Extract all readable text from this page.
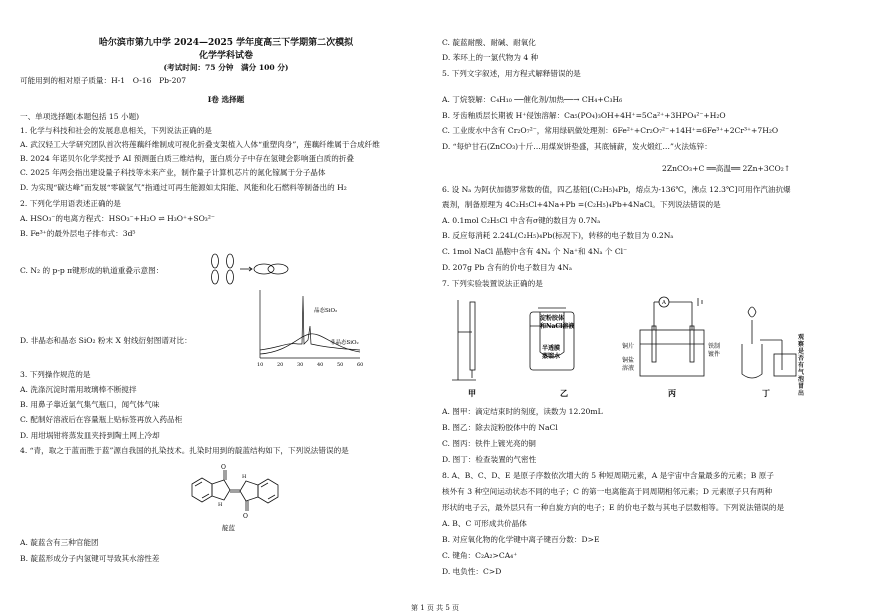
哈尔滨市第九中学 2024—2025 学年度高三下学期第二次模拟
化学学科试卷
(考试时间：75 分钟　满分 100 分)
可能用到的相对原子质量：H-1　O-16　Pb-207
I卷 选择题
一、单项选择题(本题包括 15 小题)
1. 化学与科技和社会的发展息息相关，下列说法正确的是
A. 武汉轻工大学研究团队首次将莲藕纤维制成可视化折叠支架植入人体“重塑肉身”，莲藕纤维属于合成纤维
B. 2024 年诺贝尔化学奖授予 AI 预测蛋白质三维结构，蛋白质分子中存在氢键会影响蛋白质的折叠
C. 2025 年两会指出建设量子科技等未来产业，制作量子计算机芯片的氮化镓属于分子晶体
D. 为实现“碳达峰”而发展“零碳氢气”指通过可再生能源如太阳能、风能和化石燃料等制备出的 H₂
2. 下列化学用语表述正确的是
A. HSO₃⁻的电离方程式：HSO₃⁻+H₂O ⇌ H₃O⁺+SO₃²⁻
B. Fe³⁺的最外层电子排布式：3d⁵
C. N₂ 的 p-p π键形成的轨道重叠示意图：
D. 非晶态和晶态 SiO₂ 粉末 X 射线衍射图谱对比：
晶态SiO₂
非晶态SiO₂
10	20	30	40	50	60
3. 下列操作规范的是
A. 洗涤沉淀时需用玻璃棒不断搅拌
B. 用鼻子靠近氯气集气瓶口，闻气体气味
C. 配制好溶液后在容量瓶上贴标签再放入药品柜
D. 用坩埚钳将蒸发皿夹持到陶土网上冷却
4. “青，取之于蓝而胜于蓝”源自我国的扎染技术。扎染时用到的靛蓝结构如下，下列说法错误的是
O
O
H
H
靛蓝
A. 靛蓝含有三种官能团
B. 靛蓝形成分子内氢键可导致其水溶性差
C. 靛蓝耐酸、耐碱、耐氧化
D. 苯环上的一氯代物为 4 种
5. 下列文字叙述，用方程式解释错误的是
A. 丁烷裂解：C₄H₁₀ ──催化剂/加热──→ CH₄+C₃H₆
B. 牙齿釉质层长期被 H⁺侵蚀溶解：Ca₅(PO₄)₃OH+4H⁺=5Ca²⁺+3HPO₄²⁻+H₂O
C. 工业废水中含有 Cr₂O₇²⁻，常用绿矾做处理剂：6Fe²⁺+Cr₂O₇²⁻+14H⁺=6Fe³⁺+2Cr³⁺+7H₂O
D. “每炉甘石(ZnCO₃)十斤…用煤炭饼垫盛，其底铺薪，发火煅红…”火法炼锌：
2ZnCO₃+C ══高温══ 2Zn+3CO₂↑
6. 设 Nₐ 为阿伏加德罗常数的值，四乙基铅[(C₂H₅)₄Pb，熔点为-136℃，沸点 12.3℃]可用作汽油抗爆
震剂，制备原理为 4C₂H₅Cl+4Na+Pb =(C₂H₅)₄Pb+4NaCl。下列说法错误的是
A. 0.1mol C₂H₅Cl 中含有σ键的数目为 0.7Nₐ
B. 反应每消耗 2.24L(C₂H₅)₄Pb(标况下)，转移的电子数目为 0.2Nₐ
C. 1mol NaCl 晶胞中含有 4Nₐ 个 Na⁺和 4Nₐ 个 Cl⁻
D. 207g Pb 含有的价电子数目为 4Nₐ
7. 下列实验装置说法正确的是
淀粉胶体
和NaCl溶液
半透膜
蒸馏水
铜片
铜盐
溶液
铁制
镀件
A
观察是否有气泡冒出
甲	乙	丙	丁
A. 图甲：滴定结束时的刻度，读数为 12.20mL
B. 图乙：除去淀粉胶体中的 NaCl
C. 图丙：铁件上镀光亮的铜
D. 图丁：检查装置的气密性
8. A、B、C、D、E 是原子序数依次增大的 5 种短周期元素，A 是宇宙中含量最多的元素；B 原子
核外有 3 种空间运动状态不同的电子；C 的第一电离能高于同周期相邻元素；D 元素原子只有两种
形状的电子云，最外层只有一种自旋方向的电子；E 的价电子数与其电子层数相等。下列说法错误的是
A. B、C 可形成共价晶体
B. 对应氧化物的化学键中离子键百分数：D>E
C. 键角：C₂A₂>CA₄⁺
D. 电负性：C>D
第 1 页 共 5 页
